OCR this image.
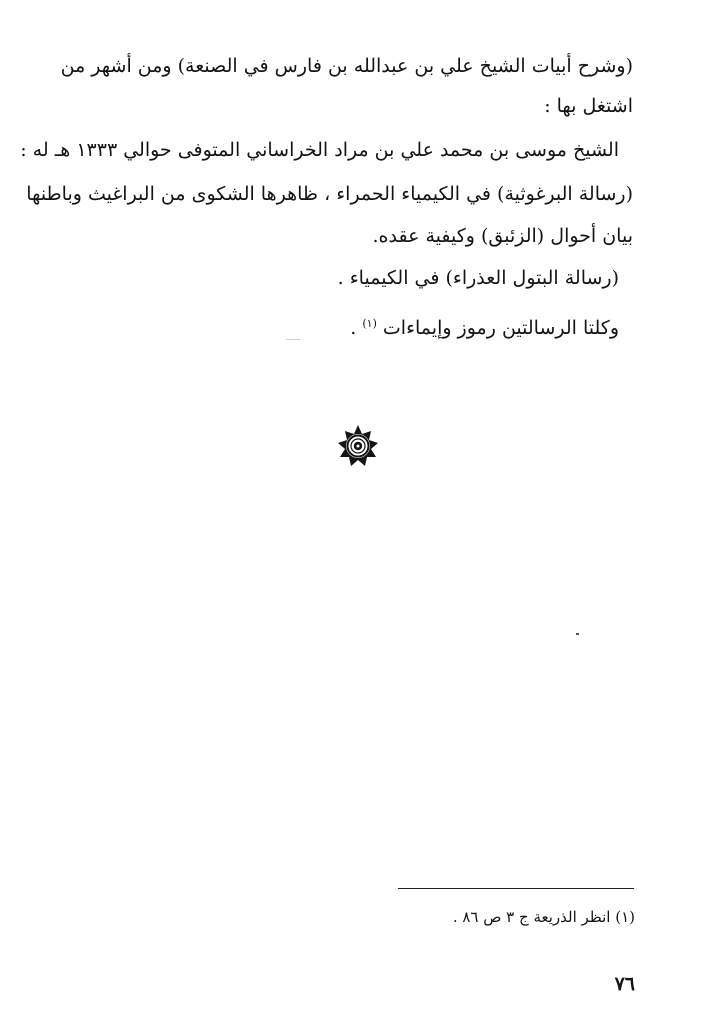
(وشرح أبيات الشيخ علي بن عبدالله بن فارس في الصنعة) ومن أشهر من
اشتغل بها :
الشيخ موسى بن محمد علي بن مراد الخراساني المتوفى حوالي ١٣٣٣ هـ له :
(رسالة البرغوثية) في الكيمياء الحمراء ، ظاهرها الشكوى من البراغيث وباطنها
بيان أحوال (الزئبق) وكيفية عقده.
(رسالة البتول العذراء) في الكيمياء .
وكلتا الرسالتين رموز وإيماءات $^{(١)}$ .
(١) انظر الذريعة ج ٣ ص ٨٦ .
٧٦
